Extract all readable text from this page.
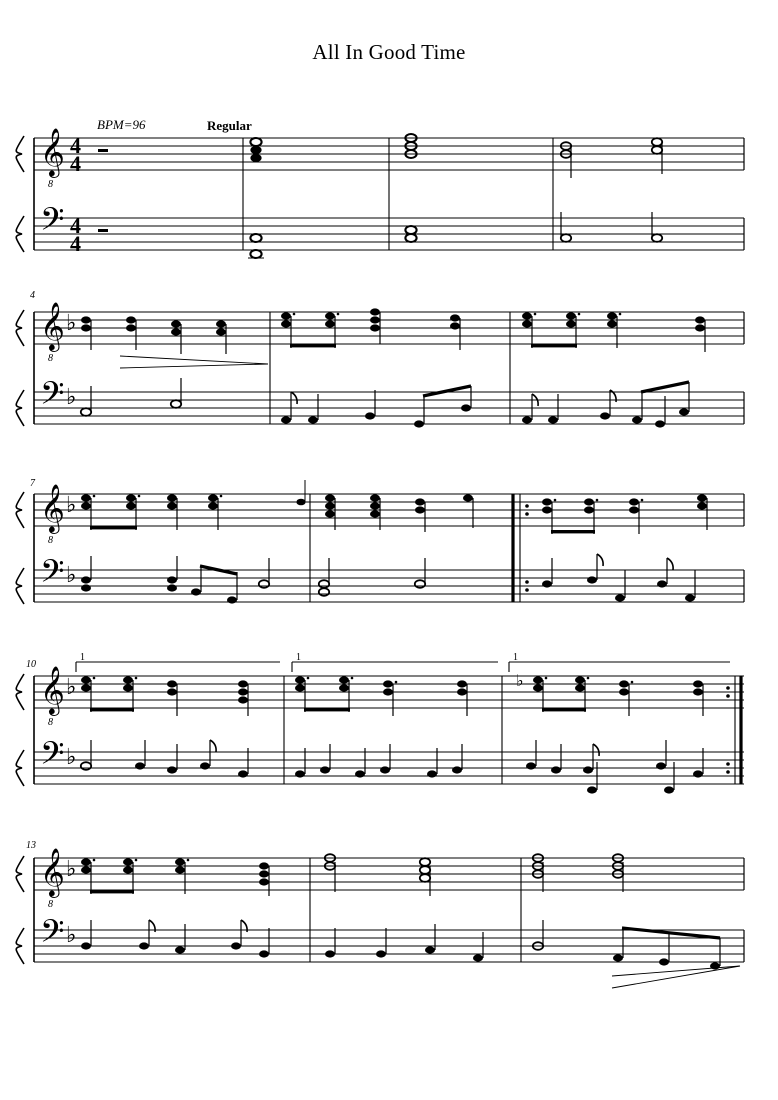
All In Good Time
BPM=96	Regular
4
7
10
13
1	1	1
𝄞
8
𝄢
4
4
4
4
𝄞
8
𝄢
♭
♭
𝄞
8
𝄢
♭
♭
𝄞
8
𝄢
♭
♭
♭
𝄞
8
𝄢
♭
♭
